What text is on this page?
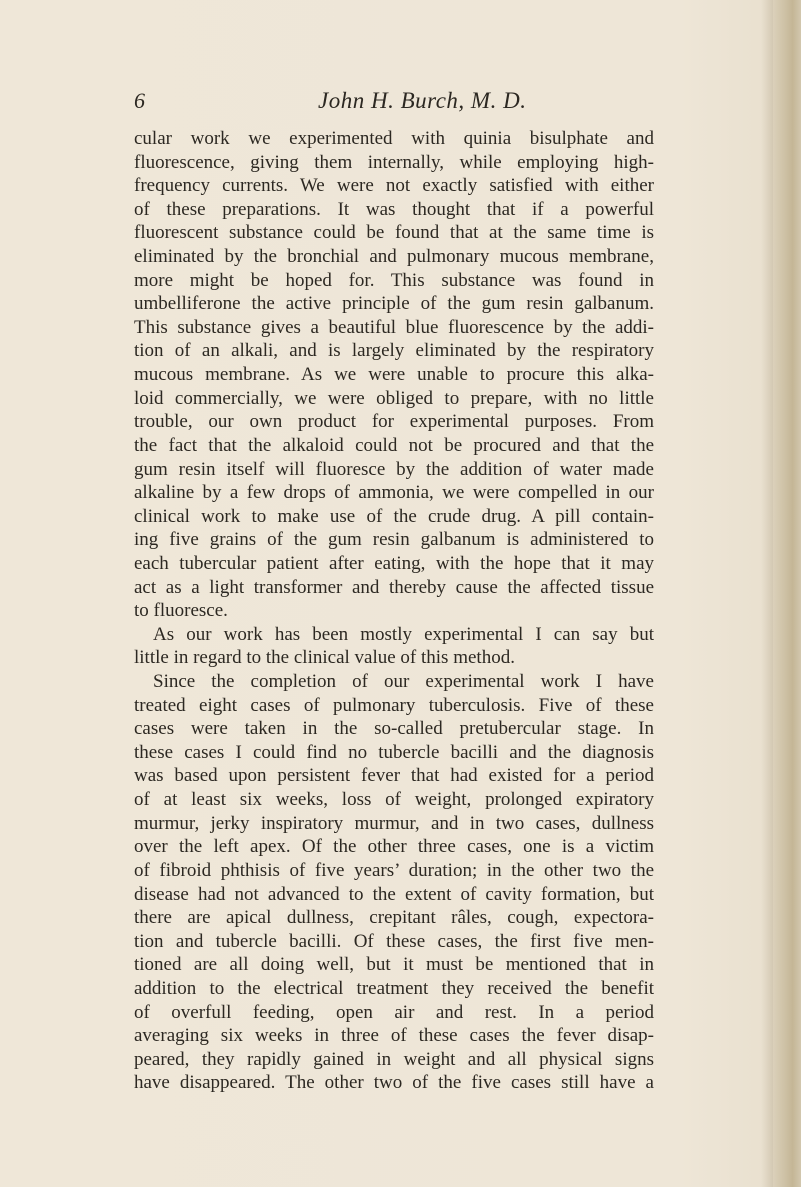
6	John H. Burch, M. D.
cular work we experimented with quinia bisulphate and
fluorescence, giving them internally, while employing high-
frequency currents. We were not exactly satisfied with either
of these preparations. It was thought that if a powerful
fluorescent substance could be found that at the same time is
eliminated by the bronchial and pulmonary mucous membrane,
more might be hoped for. This substance was found in
umbelliferone the active principle of the gum resin galbanum.
This substance gives a beautiful blue fluorescence by the addi-
tion of an alkali, and is largely eliminated by the respiratory
mucous membrane. As we were unable to procure this alka-
loid commercially, we were obliged to prepare, with no little
trouble, our own product for experimental purposes. From
the fact that the alkaloid could not be procured and that the
gum resin itself will fluoresce by the addition of water made
alkaline by a few drops of ammonia, we were compelled in our
clinical work to make use of the crude drug. A pill contain-
ing five grains of the gum resin galbanum is administered to
each tubercular patient after eating, with the hope that it may
act as a light transformer and thereby cause the affected tissue
to fluoresce.
As our work has been mostly experimental I can say but
little in regard to the clinical value of this method.
Since the completion of our experimental work I have
treated eight cases of pulmonary tuberculosis. Five of these
cases were taken in the so-called pretubercular stage. In
these cases I could find no tubercle bacilli and the diagnosis
was based upon persistent fever that had existed for a period
of at least six weeks, loss of weight, prolonged expiratory
murmur, jerky inspiratory murmur, and in two cases, dullness
over the left apex. Of the other three cases, one is a victim
of fibroid phthisis of five years’ duration; in the other two the
disease had not advanced to the extent of cavity formation, but
there are apical dullness, crepitant râles, cough, expectora-
tion and tubercle bacilli. Of these cases, the first five men-
tioned are all doing well, but it must be mentioned that in
addition to the electrical treatment they received the benefit
of overfull feeding, open air and rest. In a period
averaging six weeks in three of these cases the fever disap-
peared, they rapidly gained in weight and all physical signs
have disappeared. The other two of the five cases still have a
